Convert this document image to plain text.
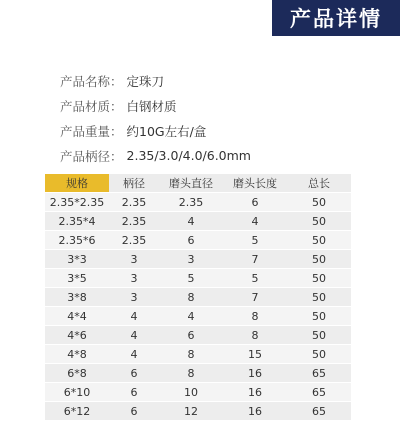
产品详情
产品名称： 定珠刀
产品材质： 白钢材质
产品重量： 约10G左右/盒
产品柄径： 2.35/3.0/4.0/6.0mm
规格	柄径	磨头直径	磨头长度	总长
2.35*2.35	2.35	2.35	6	50
2.35*4	2.35	4	4	50
2.35*6	2.35	6	5	50
3*3	3	3	7	50
3*5	3	5	5	50
3*8	3	8	7	50
4*4	4	4	8	50
4*6	4	6	8	50
4*8	4	8	15	50
6*8	6	8	16	65
6*10	6	10	16	65
6*12	6	12	16	65
